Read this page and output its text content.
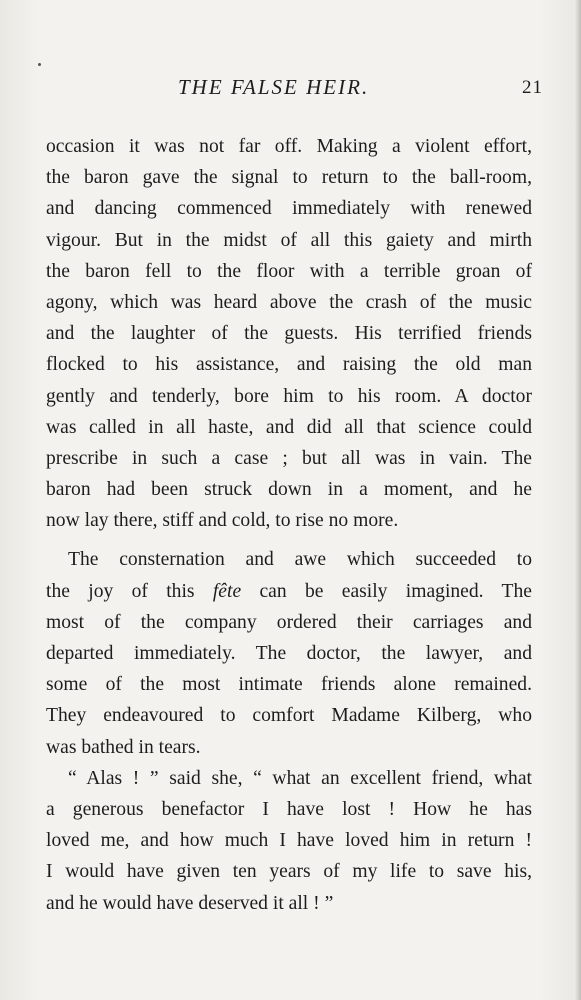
THE FALSE HEIR.	21
occasion it was not far off. Making a violent effort,
the baron gave the signal to return to the ball-room,
and dancing commenced immediately with renewed
vigour. But in the midst of all this gaiety and mirth
the baron fell to the floor with a terrible groan of
agony, which was heard above the crash of the music
and the laughter of the guests. His terrified friends
flocked to his assistance, and raising the old man
gently and tenderly, bore him to his room. A doctor
was called in all haste, and did all that science could
prescribe in such a case ; but all was in vain. The
baron had been struck down in a moment, and he
now lay there, stiff and cold, to rise no more.
The consternation and awe which succeeded to
the joy of this fête can be easily imagined. The
most of the company ordered their carriages and
departed immediately. The doctor, the lawyer, and
some of the most intimate friends alone remained.
They endeavoured to comfort Madame Kilberg, who
was bathed in tears.
“ Alas ! ” said she, “ what an excellent friend, what
a generous benefactor I have lost ! How he has
loved me, and how much I have loved him in return !
I would have given ten years of my life to save his,
and he would have deserved it all ! ”
